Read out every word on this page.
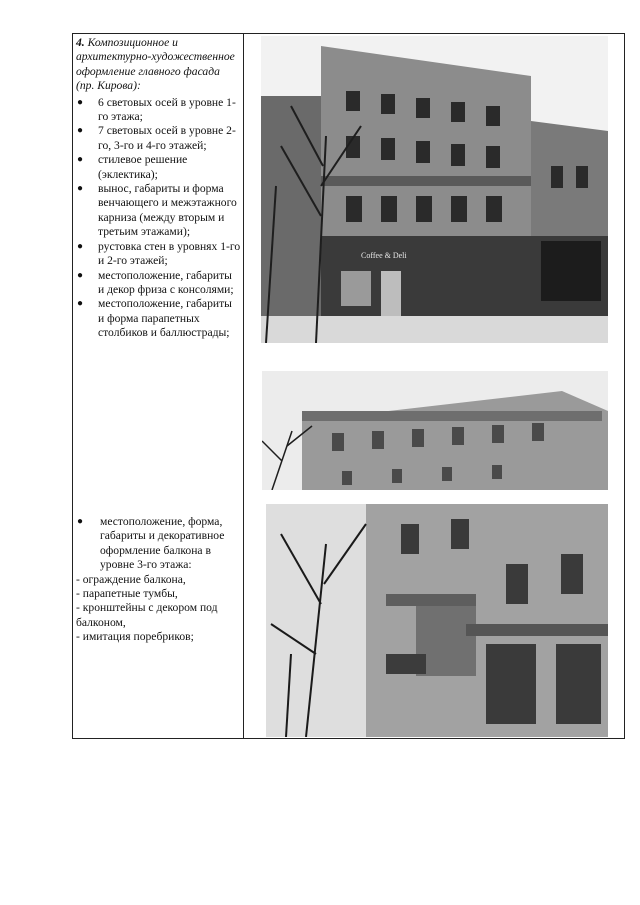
4. Композиционное и архитектурно-художественное оформление главного фасада (пр. Кирова):

● 6 световых осей в уровне 1-го этажа;
● 7 световых осей в уровне 2-го, 3-го и 4-го этажей;
● стилевое решение (эклектика);
● вынос, габариты и форма венчающего и межэтажного карниза (между вторым и третьим этажами);
● рустовка стен в уровнях 1-го и 2-го этажей;
● местоположение, габариты и декор фриза с консолями;
● местоположение, габариты и форма парапетных столбиков и баллюстрады;
● местоположение, форма, габариты и декоративное оформление балкона в уровне 3-го этажа:

- ограждение балкона,

- парапетные тумбы,

- кронштейны с декором под балконом,

- имитация поребриков;

Coffee & Deli
